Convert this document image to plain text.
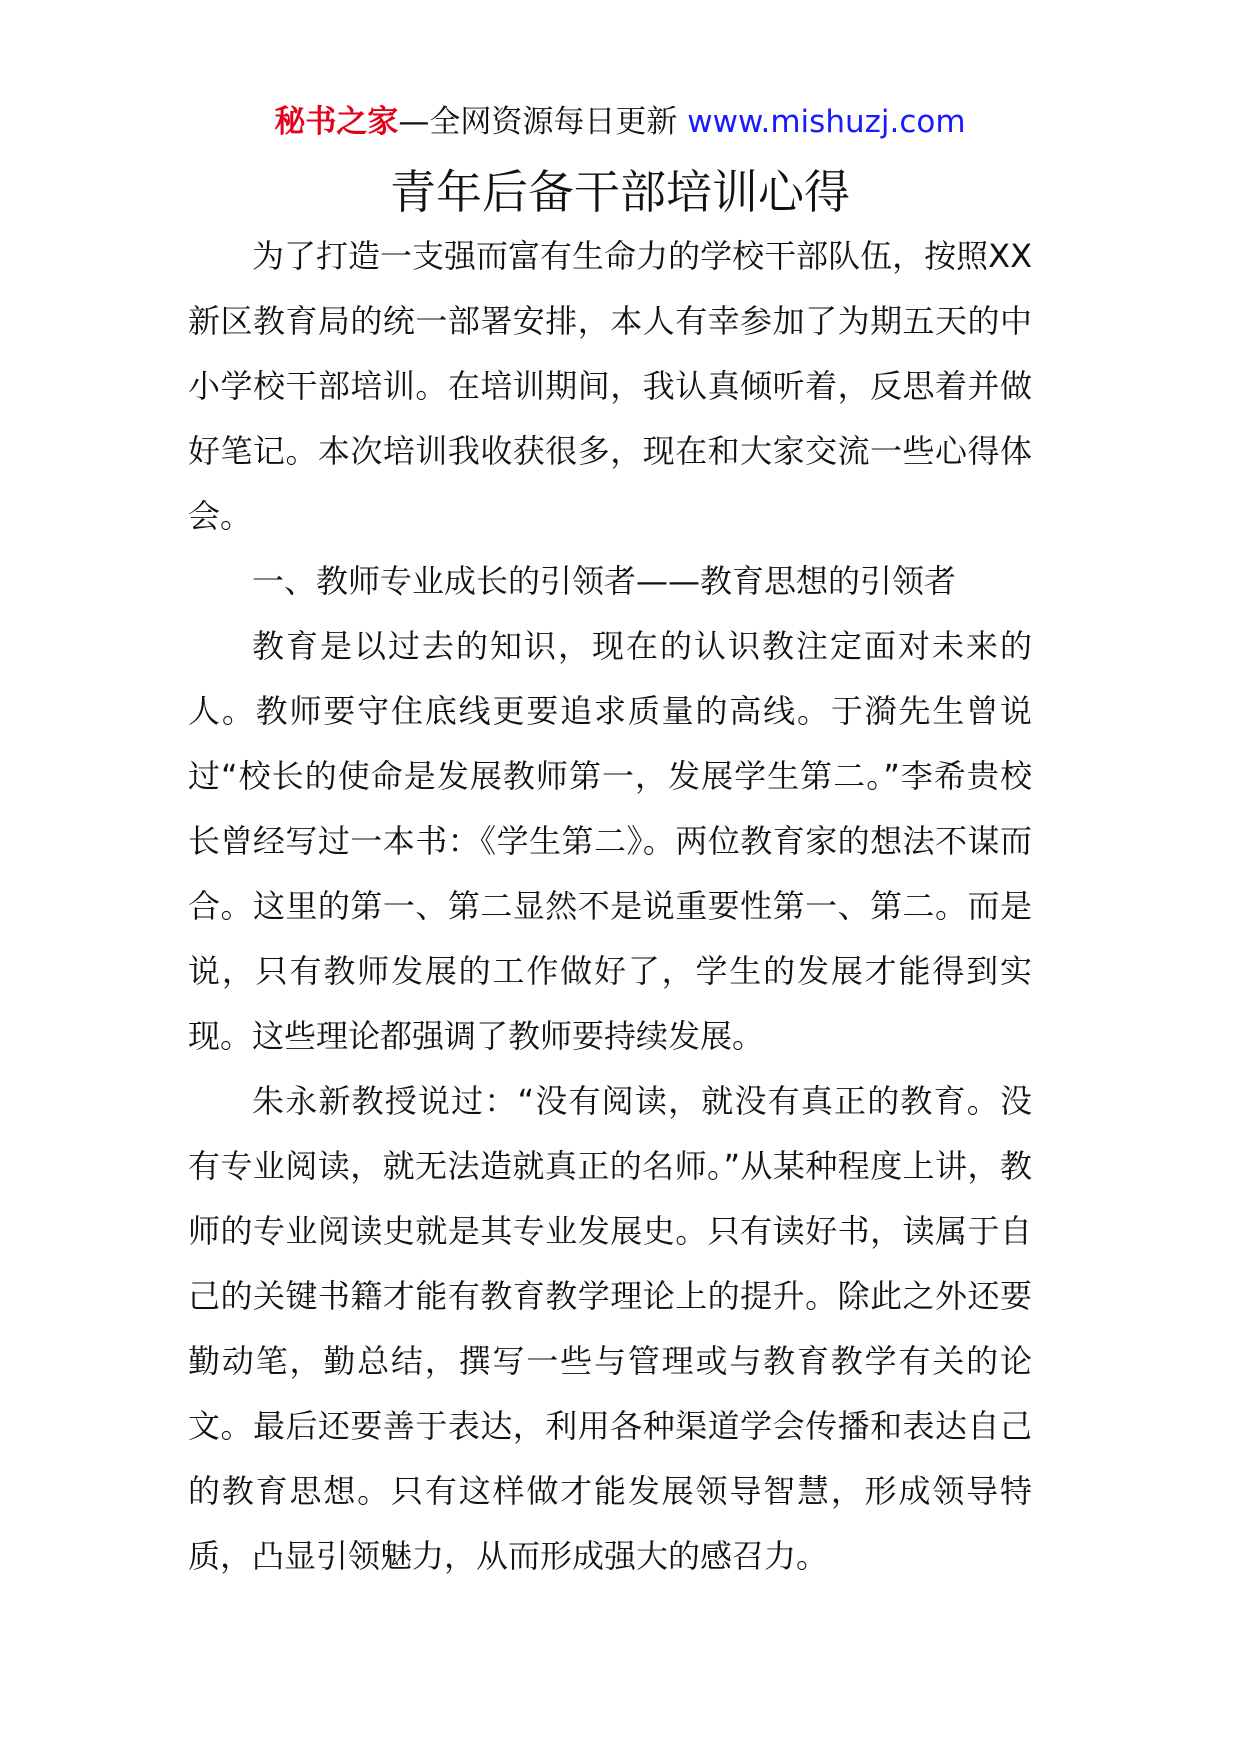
秘书之家—全网资源每日更新 www.mishuzj.com
青年后备干部培训心得

为了打造一支强而富有生命力的学校干部队伍，按照XX新区教育局的统一部署安排，本人有幸参加了为期五天的中小学校干部培训。在培训期间，我认真倾听着，反思着并做好笔记。本次培训我收获很多，现在和大家交流一些心得体会。

一、教师专业成长的引领者——教育思想的引领者

教育是以过去的知识，现在的认识教注定面对未来的人。教师要守住底线更要追求质量的高线。于漪先生曾说过“校长的使命是发展教师第一，发展学生第二。”李希贵校长曾经写过一本书：《学生第二》。两位教育家的想法不谋而合。这里的第一、第二显然不是说重要性第一、第二。而是说，只有教师发展的工作做好了，学生的发展才能得到实现。这些理论都强调了教师要持续发展。

朱永新教授说过：“没有阅读，就没有真正的教育。没有专业阅读，就无法造就真正的名师。”从某种程度上讲，教师的专业阅读史就是其专业发展史。只有读好书，读属于自己的关键书籍才能有教育教学理论上的提升。除此之外还要勤动笔，勤总结，撰写一些与管理或与教育教学有关的论文。最后还要善于表达，利用各种渠道学会传播和表达自己的教育思想。只有这样做才能发展领导智慧，形成领导特质，凸显引领魅力，从而形成强大的感召力。
